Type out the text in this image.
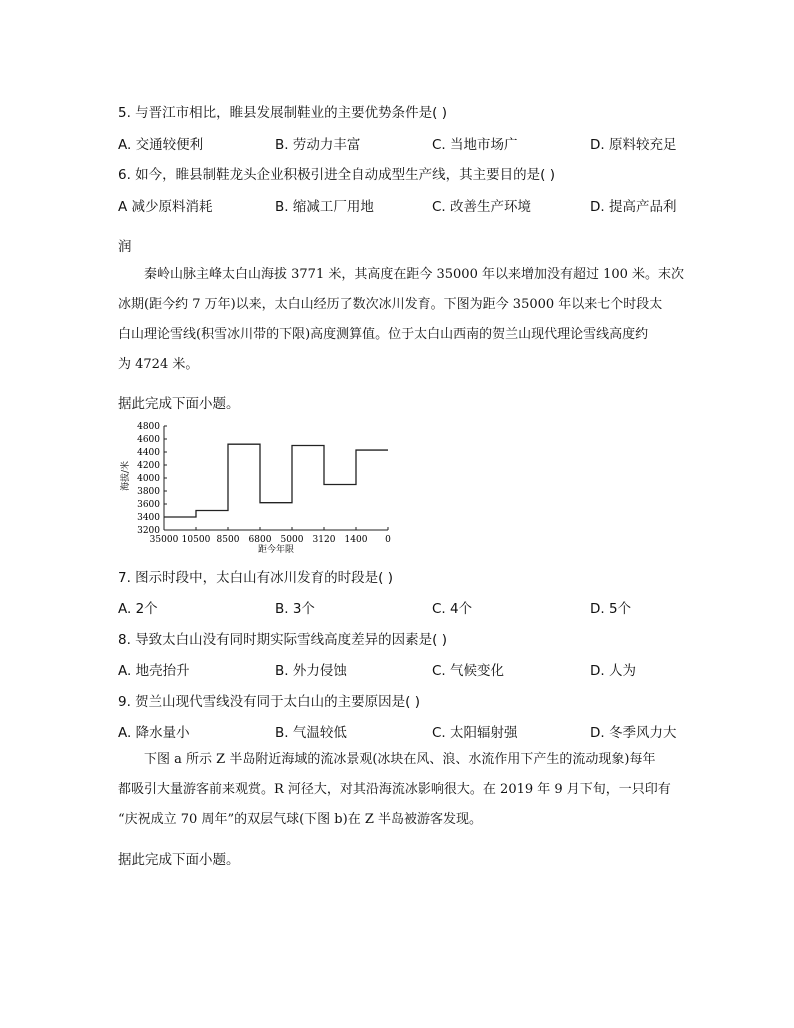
5. 与晋江市相比，睢县发展制鞋业的主要优势条件是( )
A. 交通较便利	B. 劳动力丰富	C. 当地市场广	D. 原料较充足
6. 如今，睢县制鞋龙头企业积极引进全自动成型生产线，其主要目的是( )
A 减少原料消耗	B. 缩减工厂用地	C. 改善生产环境	D. 提高产品利
润
秦岭山脉主峰太白山海拔 3771 米，其高度在距今 35000 年以来增加没有超过 100 米。末次
冰期(距今约 7 万年)以来，太白山经历了数次冰川发育。下图为距今 35000 年以来七个时段太
白山理论雪线(积雪冰川带的下限)高度测算值。位于太白山西南的贺兰山现代理论雪线高度约
为 4724 米。
据此完成下面小题。
3200
3400
3600
3800
4000
4200
4400
4600
4800
35000 10500 8500 6800 5000 3120 1400 0
海拔/米
距今年限
7. 图示时段中，太白山有冰川发育的时段是( )
A. 2个	B. 3个	C. 4个	D. 5个
8. 导致太白山没有同时期实际雪线高度差异的因素是( )
A. 地壳抬升	B. 外力侵蚀	C. 气候变化	D. 人为
9. 贺兰山现代雪线没有同于太白山的主要原因是( )
A. 降水量小	B. 气温较低	C. 太阳辐射强	D. 冬季风力大
下图 a 所示 Z 半岛附近海域的流冰景观(冰块在风、浪、水流作用下产生的流动现象)每年
都吸引大量游客前来观赏。R 河径大，对其沿海流冰影响很大。在 2019 年 9 月下旬，一只印有
“庆祝成立 70 周年”的双层气球(下图 b)在 Z 半岛被游客发现。
据此完成下面小题。
